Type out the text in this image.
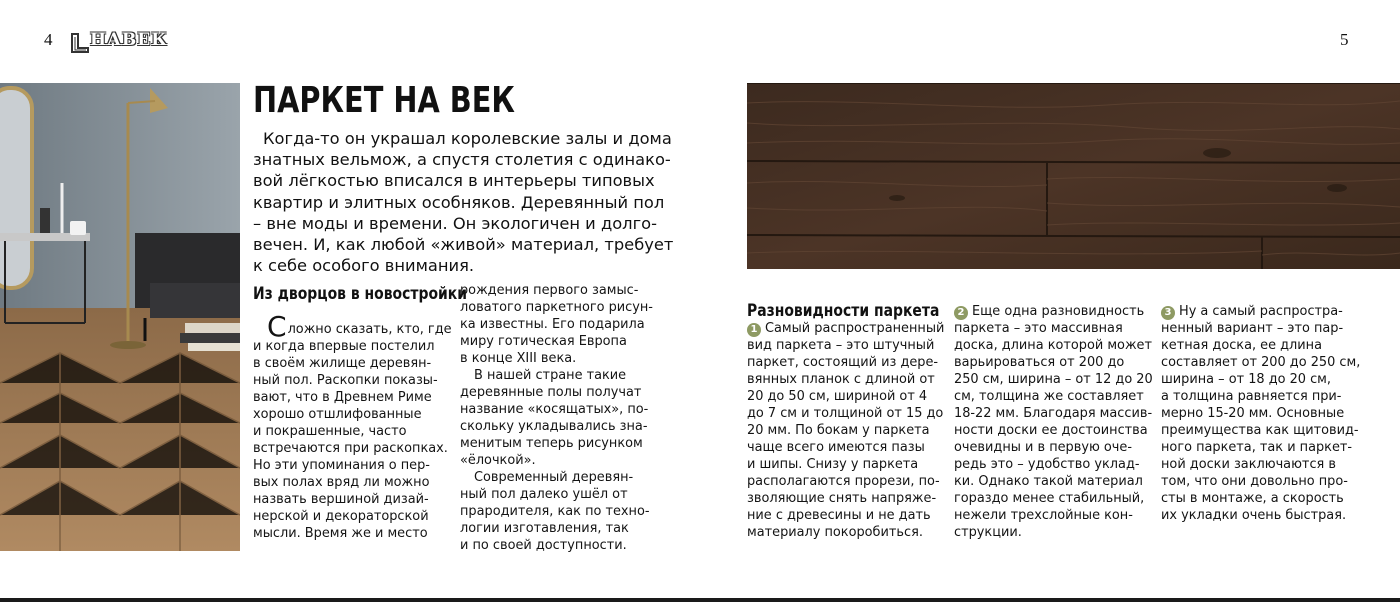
4	5
НАВЕК
ПАРКЕТ НА ВЕК
Когда-то он украшал королевские залы и дома
знатных вельмож, а спустя столетия с одинако-
вой лёгкостью вписался в интерьеры типовых
квартир и элитных особняков. Деревянный пол
– вне моды и времени. Он экологичен и долго-
вечен. И, как любой «живой» материал, требует
к себе особого внимания.
Из дворцов в новостройки
Сложно сказать, кто, где
и когда впервые постелил
в своём жилище деревян-
ный пол. Раскопки показы-
вают, что в Древнем Риме
хорошо отшлифованные
и покрашенные, часто
встречаются при раскопках.
Но эти упоминания о пер-
вых полах вряд ли можно
назвать вершиной дизай-
нерской и декораторской
мысли. Время же и место
рождения первого замыс-
ловатого паркетного рисун-
ка известны. Его подарила
миру готическая Европа
в конце XIII века.
В нашей стране такие
деревянные полы получат
название «косящатых», по-
скольку укладывались зна-
менитым теперь рисунком
«ёлочкой».
Современный деревян-
ный пол далеко ушёл от
прародителя, как по техно-
логии изготавления, так
и по своей доступности.
Разновидности паркета
1 Самый распространенный
вид паркета – это штучный
паркет, состоящий из дере-
вянных планок с длиной от
20 до 50 см, шириной от 4
до 7 см и толщиной от 15 до
20 мм. По бокам у паркета
чаще всего имеются пазы
и шипы. Снизу у паркета
располагаются прорези, по-
зволяющие снять напряже-
ние с древесины и не дать
материалу покоробиться.
2 Еще одна разновидность
паркета – это массивная
доска, длина которой может
варьироваться от 200 до
250 см, ширина – от 12 до 20
см, толщина же составляет
18-22 мм. Благодаря массив-
ности доски ее достоинства
очевидны и в первую оче-
редь это – удобство уклад-
ки. Однако такой материал
гораздо менее стабильный,
нежели трехслойные кон-
струкции.
3 Ну а самый распростра-
ненный вариант – это пар-
кетная доска, ее длина
составляет от 200 до 250 см,
ширина – от 18 до 20 см,
а толщина равняется при-
мерно 15-20 мм. Основные
преимущества как щитовид-
ного паркета, так и паркет-
ной доски заключаются в
том, что они довольно про-
сты в монтаже, а скорость
их укладки очень быстрая.
